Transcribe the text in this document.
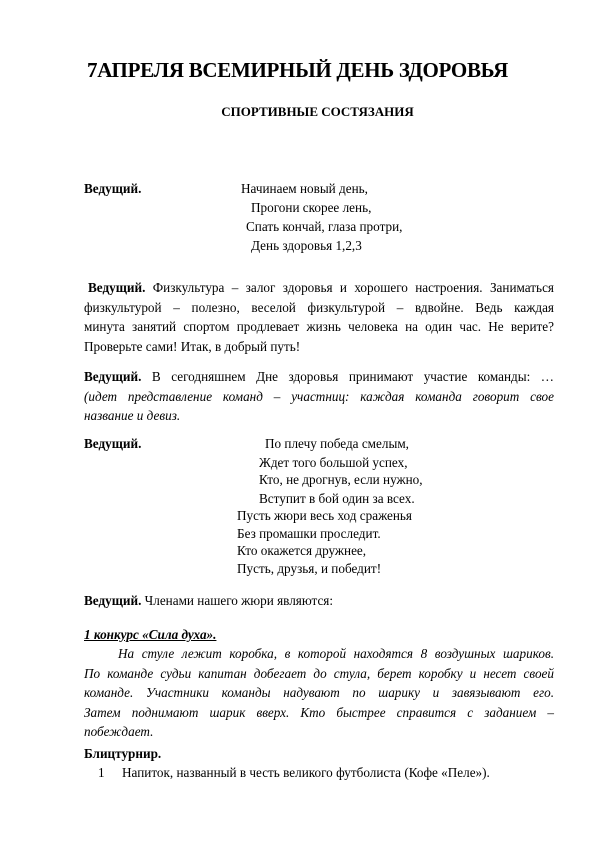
7АПРЕЛЯ ВСЕМИРНЫЙ ДЕНЬ ЗДОРОВЬЯ
СПОРТИВНЫЕ СОСТЯЗАНИЯ
Ведущий.	Начинаем новый день,
Прогони скорее лень,
Спать кончай, глаза протри,
День здоровья 1,2,3
Ведущий. Физкультура – залог здоровья и хорошего настроения. Заниматься
физкультурой – полезно, веселой физкультурой – вдвойне. Ведь каждая
минута занятий спортом продлевает жизнь человека на один час. Не верите?
Проверьте сами! Итак, в добрый путь!
Ведущий. В сегодняшнем Дне здоровья принимают участие команды: …
(идет представление команд – участниц: каждая команда говорит свое
название и девиз.
Ведущий.	По плечу победа смелым,
Ждет того большой успех,
Кто, не дрогнув, если нужно,
Вступит в бой один за всех.
Пусть жюри весь ход сраженья
Без промашки проследит.
Кто окажется дружнее,
Пусть, друзья, и победит!
Ведущий. Членами нашего жюри являются:
1 конкурс «Сила духа».
На стуле лежит коробка, в которой находятся 8 воздушных шариков.
По команде судьи капитан добегает до стула, берет коробку и несет своей
команде. Участники команды надувают по шарику и завязывают его.
Затем поднимают шарик вверх. Кто быстрее справится с заданием –
побеждает.
Блицтурнир.
1 Напиток, названный в честь великого футболиста (Кофе «Пеле»).
